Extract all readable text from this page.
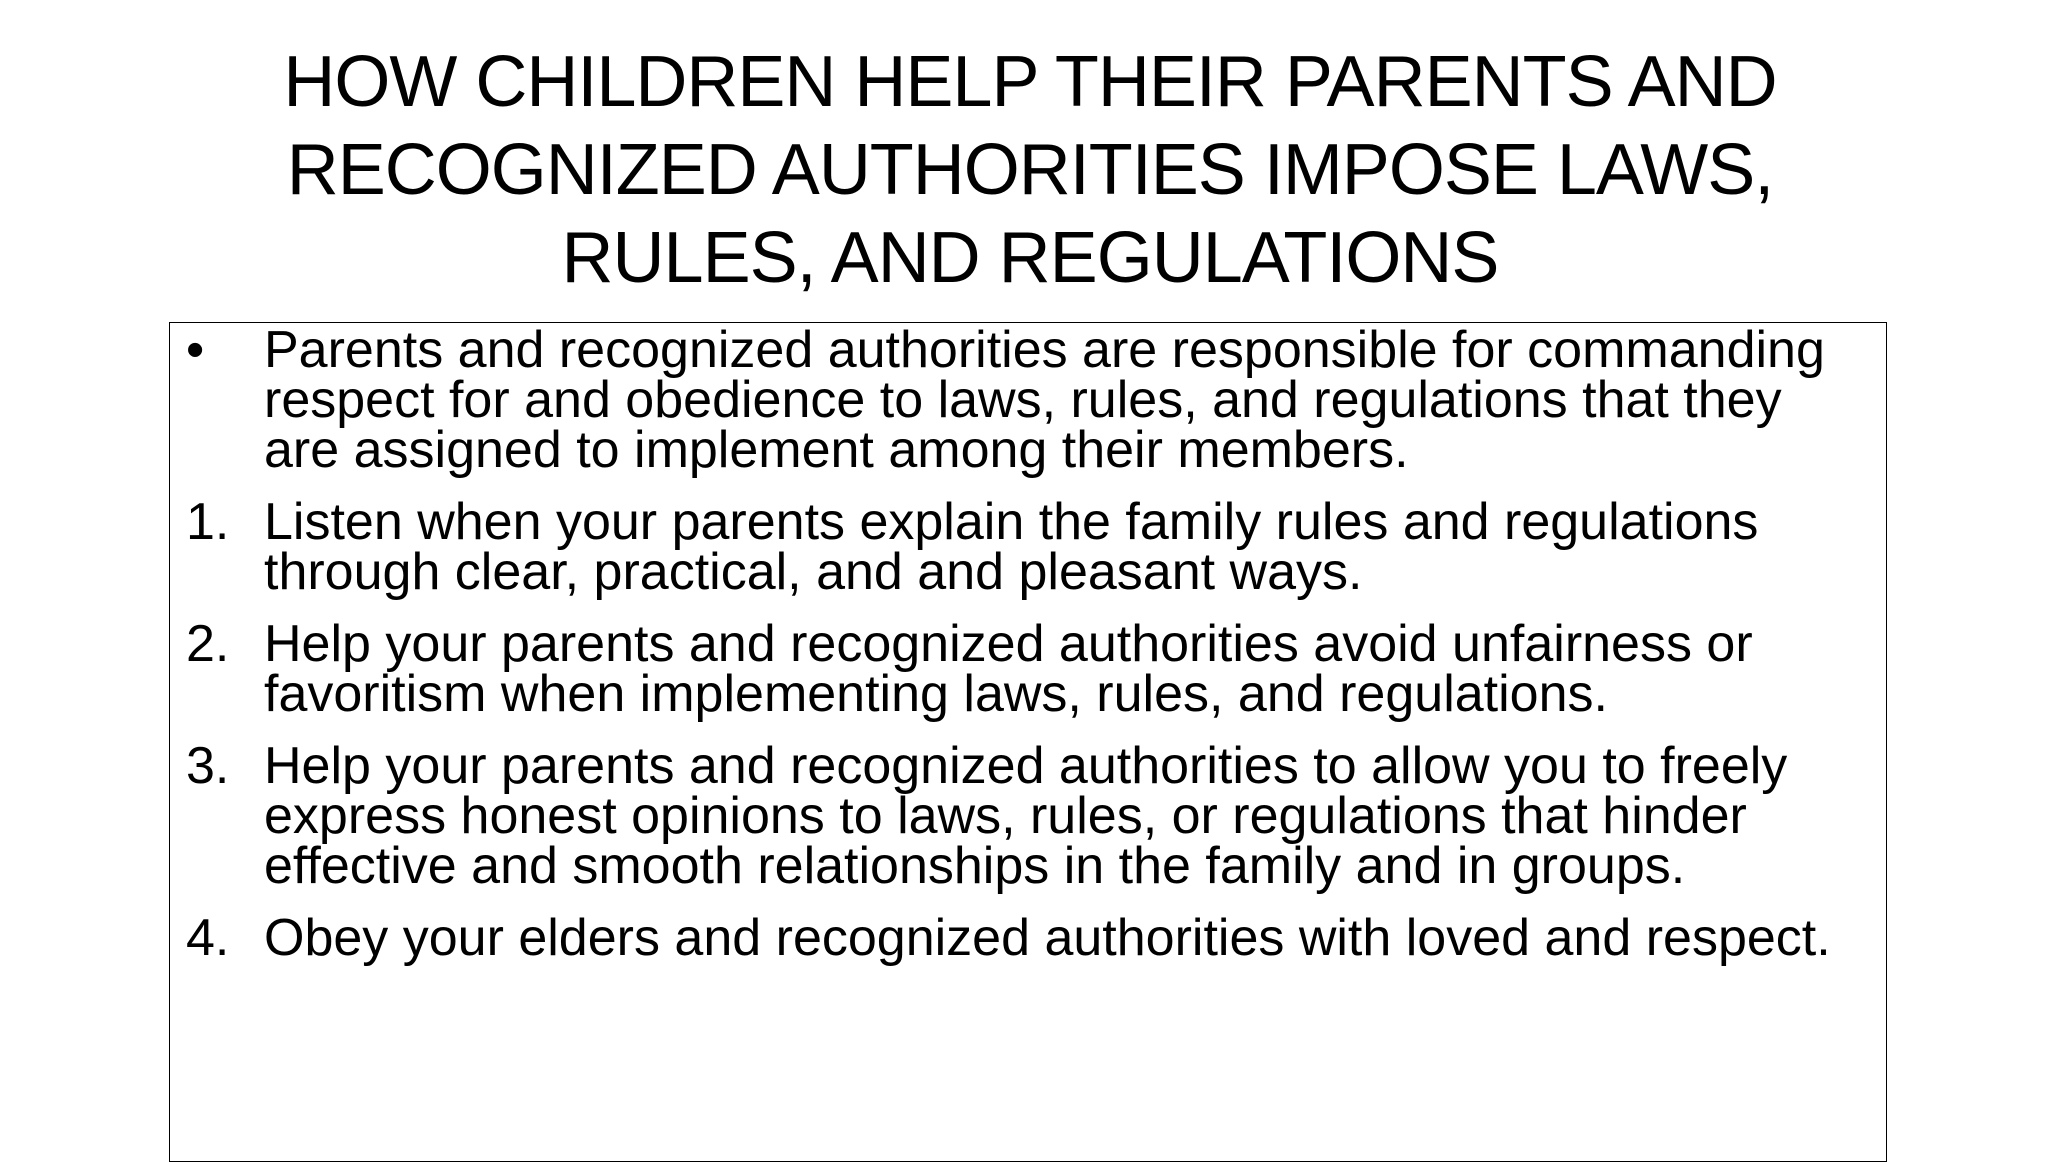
HOW CHILDREN HELP THEIR PARENTS AND RECOGNIZED AUTHORITIES IMPOSE LAWS, RULES, AND REGULATIONS
•	Parents and recognized authorities are responsible for commanding respect for and obedience to laws, rules, and regulations that they are assigned to implement among their members.
1. Listen when your parents explain the family rules and regulations through clear, practical, and and pleasant ways.
2. Help your parents and recognized authorities avoid unfairness or favoritism when implementing laws, rules, and regulations.
3. Help your parents and recognized authorities to allow you to freely express honest opinions to laws, rules, or regulations that hinder effective and smooth relationships in the family and in groups.
4. Obey your elders and recognized authorities with loved and respect.
